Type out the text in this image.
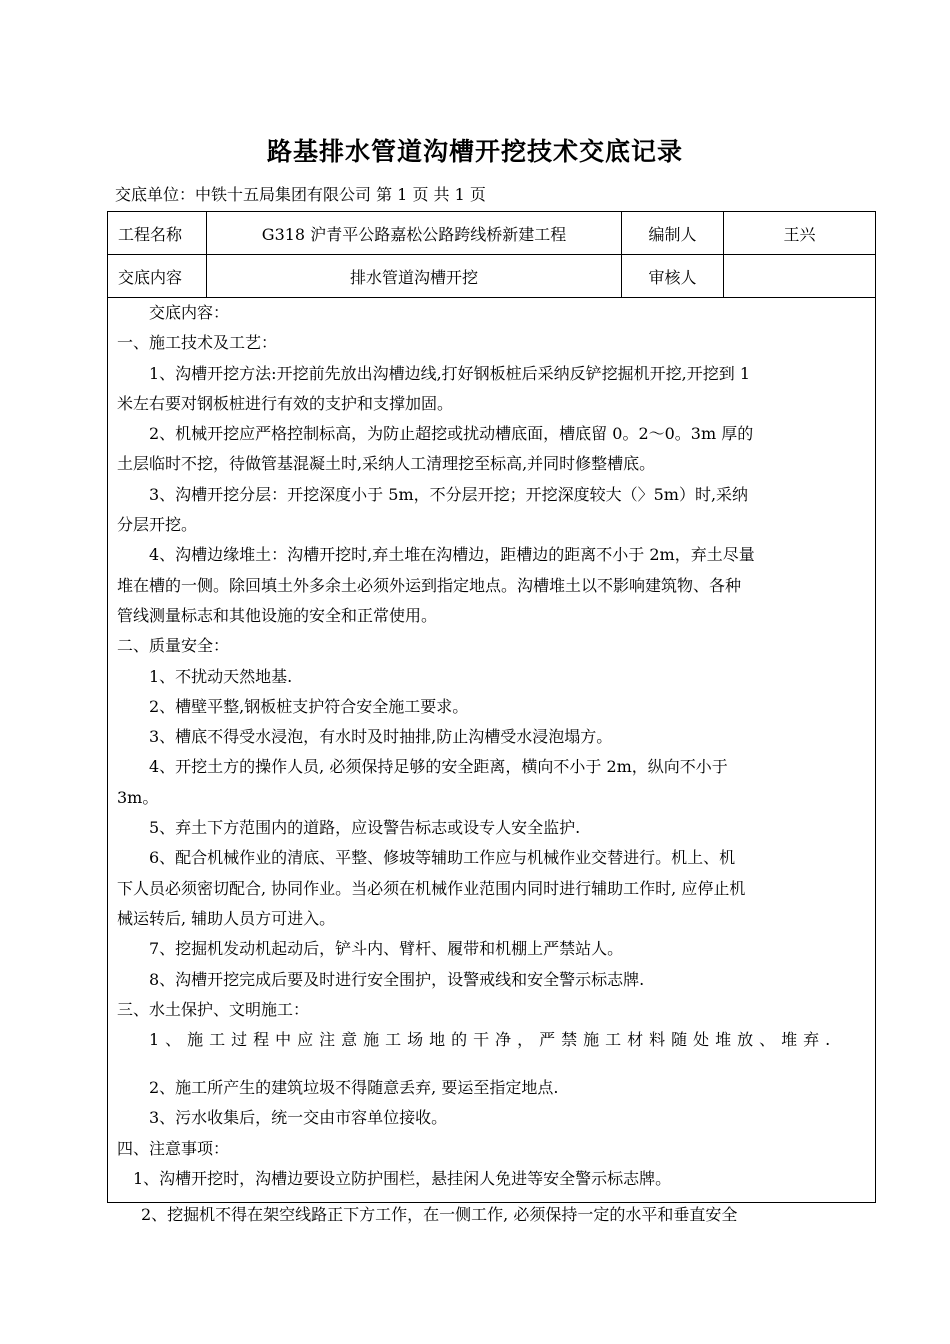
路基排水管道沟槽开挖技术交底记录
交底单位：中铁十五局集团有限公司 第 1 页 共 1 页
工程名称	G318 沪青平公路嘉松公路跨线桥新建工程	编制人	王兴
交底内容	排水管道沟槽开挖	审核人
交底内容：
一、施工技术及工艺：
1、沟槽开挖方法:开挖前先放出沟槽边线,打好钢板桩后采纳反铲挖掘机开挖,开挖到 1
米左右要对钢板桩进行有效的支护和支撑加固。
2、机械开挖应严格控制标高，为防止超挖或扰动槽底面，槽底留 0。2～0。3m 厚的
土层临时不挖，待做管基混凝土时,采纳人工清理挖至标高,并同时修整槽底。
3、沟槽开挖分层：开挖深度小于 5m，不分层开挖；开挖深度较大（〉5m）时,采纳
分层开挖。
4、沟槽边缘堆土：沟槽开挖时,弃土堆在沟槽边，距槽边的距离不小于 2m，弃土尽量
堆在槽的一侧。除回填土外多余土必须外运到指定地点。沟槽堆土以不影响建筑物、各种
管线测量标志和其他设施的安全和正常使用。
二、质量安全：
1、不扰动天然地基.
2、槽壁平整,钢板桩支护符合安全施工要求。
3、槽底不得受水浸泡，有水时及时抽排,防止沟槽受水浸泡塌方。
4、开挖土方的操作人员, 必须保持足够的安全距离，横向不小于 2m，纵向不小于
3m。
5、弃土下方范围内的道路，应设警告标志或设专人安全监护.
6、配合机械作业的清底、平整、修坡等辅助工作应与机械作业交替进行。机上、机
下人员必须密切配合, 协同作业。当必须在机械作业范围内同时进行辅助工作时, 应停止机
械运转后, 辅助人员方可进入。
7、挖掘机发动机起动后，铲斗内、臂杆、履带和机棚上严禁站人。
8、沟槽开挖完成后要及时进行安全围护，设警戒线和安全警示标志牌.
三、水土保护、文明施工：
1、施工过程中应注意施工场地的干净，严禁施工材料随处堆放、堆弃.
2、施工所产生的建筑垃圾不得随意丢弃, 要运至指定地点.
3、污水收集后，统一交由市容单位接收。
四、注意事项：
1、沟槽开挖时，沟槽边要设立防护围栏，悬挂闲人免进等安全警示标志牌。
2、挖掘机不得在架空线路正下方工作，在一侧工作, 必须保持一定的水平和垂直安全
